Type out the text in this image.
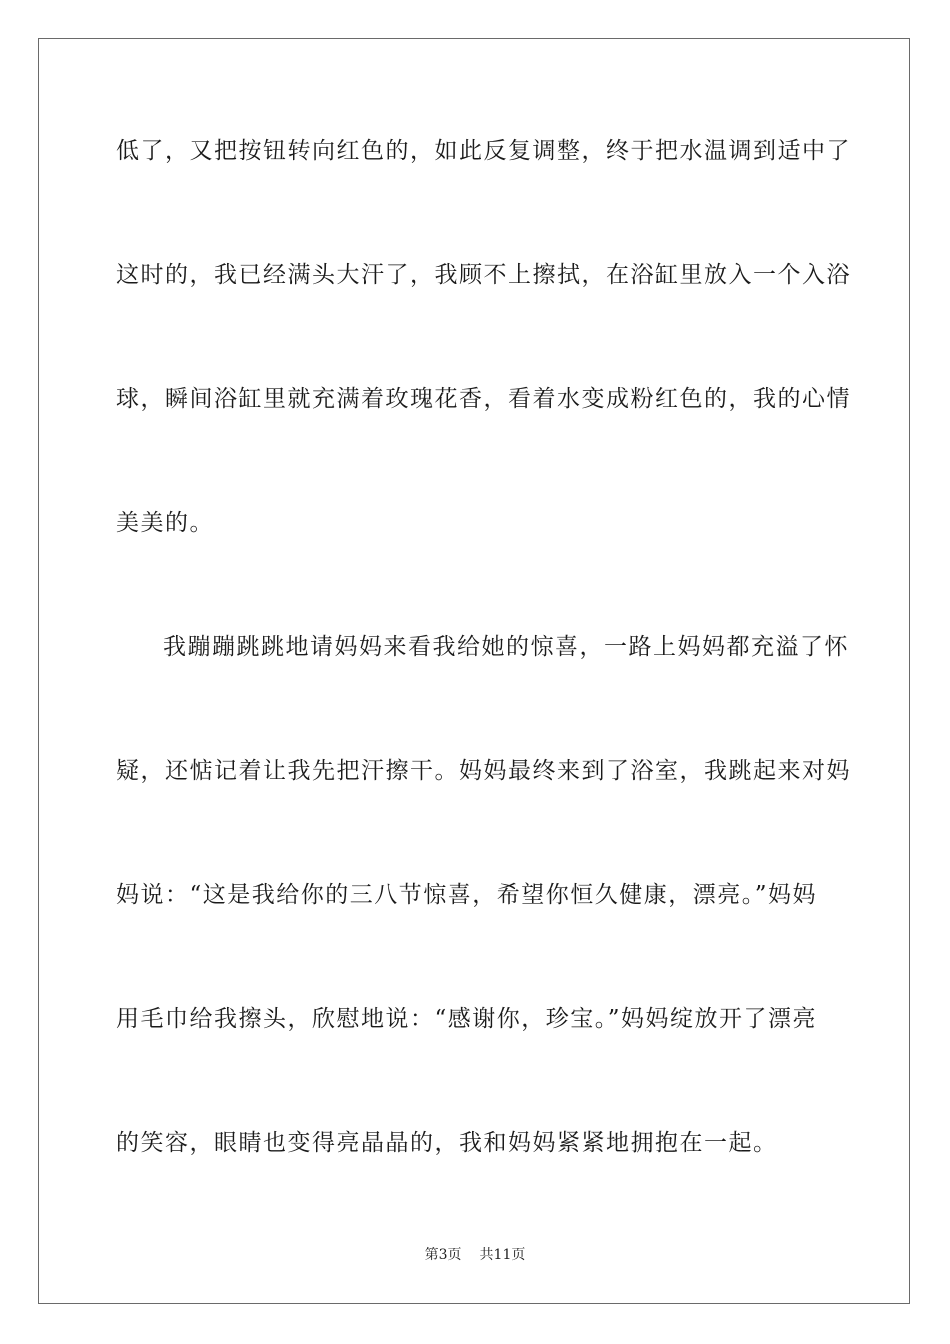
低了，又把按钮转向红色的，如此反复调整，终于把水温调到适中了
这时的，我已经满头大汗了，我顾不上擦拭，在浴缸里放入一个入浴
球，瞬间浴缸里就充满着玫瑰花香，看着水变成粉红色的，我的心情
美美的。
我蹦蹦跳跳地请妈妈来看我给她的惊喜，一路上妈妈都充溢了怀
疑，还惦记着让我先把汗擦干。妈妈最终来到了浴室，我跳起来对妈
妈说：“这是我给你的三八节惊喜，希望你恒久健康，漂亮。”妈妈
用毛巾给我擦头，欣慰地说：“感谢你，珍宝。”妈妈绽放开了漂亮
的笑容，眼睛也变得亮晶晶的，我和妈妈紧紧地拥抱在一起。
第3页 共11页
